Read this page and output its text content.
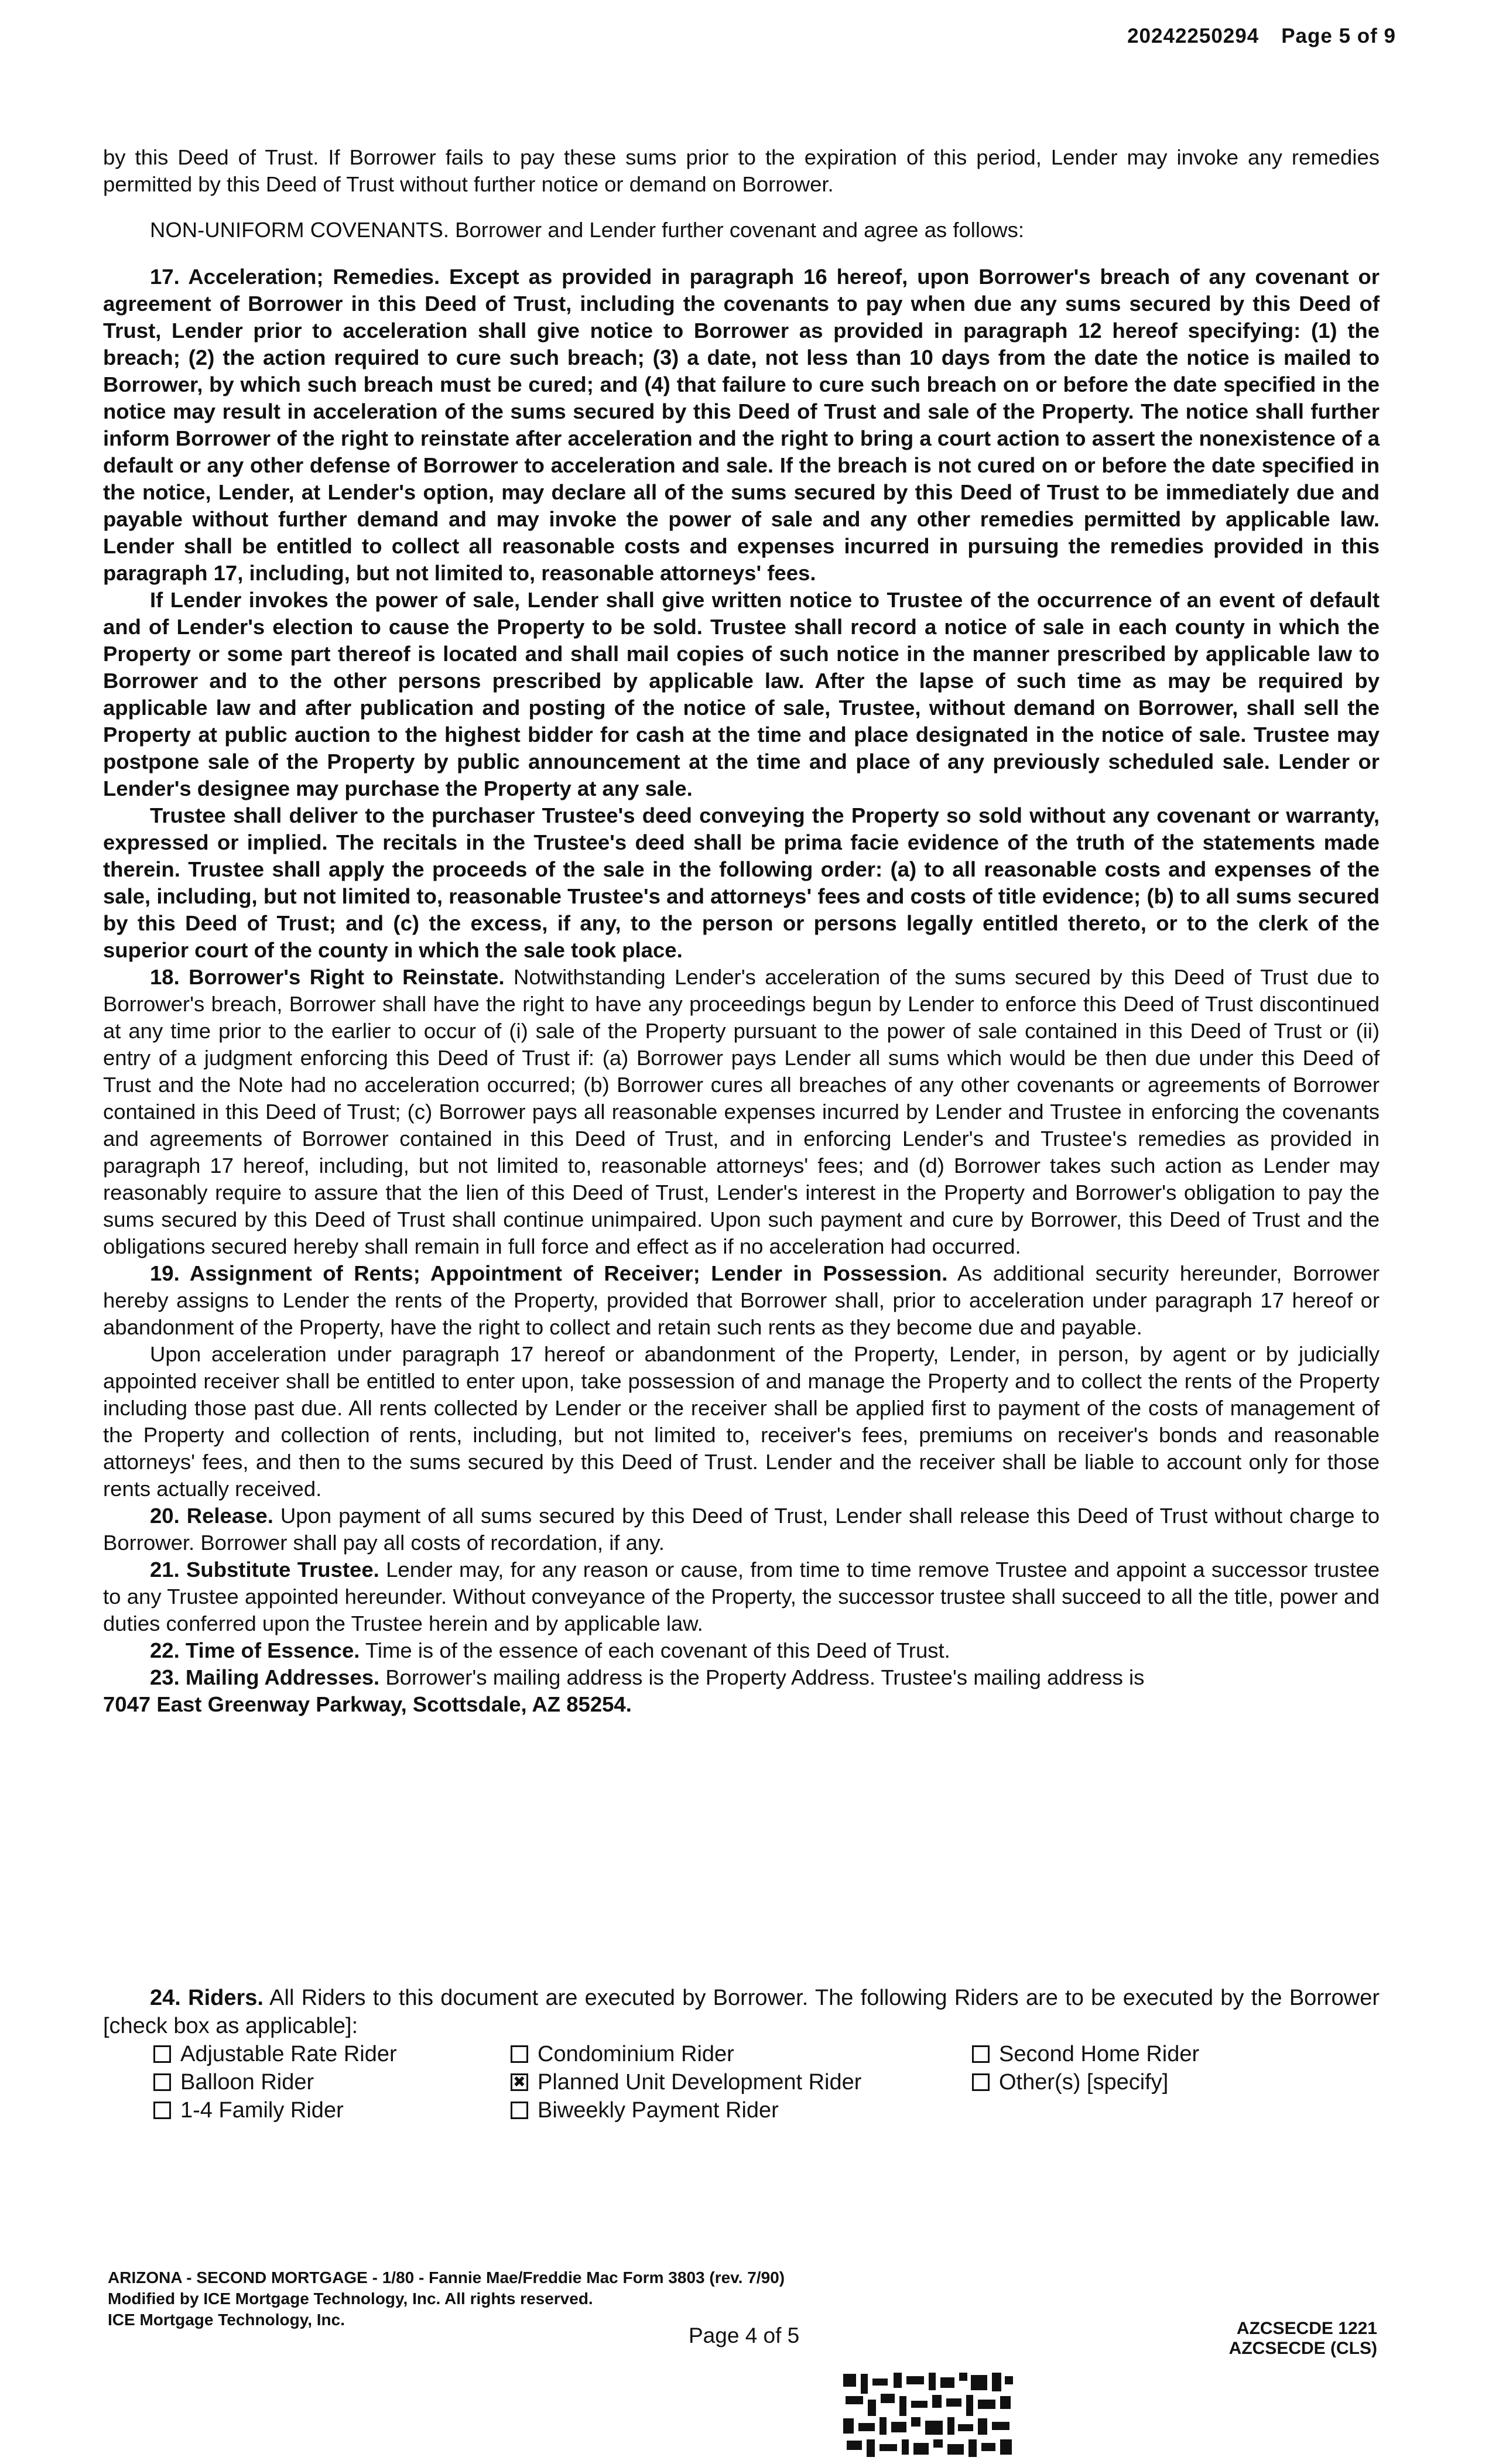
20242250294 Page 5 of 9

by this Deed of Trust. If Borrower fails to pay these sums prior to the expiration of this period, Lender may invoke any remedies permitted by this Deed of Trust without further notice or demand on Borrower.

NON-UNIFORM COVENANTS. Borrower and Lender further covenant and agree as follows:

17. Acceleration; Remedies. Except as provided in paragraph 16 hereof, upon Borrower's breach of any covenant or agreement of Borrower in this Deed of Trust, including the covenants to pay when due any sums secured by this Deed of Trust, Lender prior to acceleration shall give notice to Borrower as provided in paragraph 12 hereof specifying: (1) the breach; (2) the action required to cure such breach; (3) a date, not less than 10 days from the date the notice is mailed to Borrower, by which such breach must be cured; and (4) that failure to cure such breach on or before the date specified in the notice may result in acceleration of the sums secured by this Deed of Trust and sale of the Property. The notice shall further inform Borrower of the right to reinstate after acceleration and the right to bring a court action to assert the nonexistence of a default or any other defense of Borrower to acceleration and sale. If the breach is not cured on or before the date specified in the notice, Lender, at Lender's option, may declare all of the sums secured by this Deed of Trust to be immediately due and payable without further demand and may invoke the power of sale and any other remedies permitted by applicable law. Lender shall be entitled to collect all reasonable costs and expenses incurred in pursuing the remedies provided in this paragraph 17, including, but not limited to, reasonable attorneys' fees.

If Lender invokes the power of sale, Lender shall give written notice to Trustee of the occurrence of an event of default and of Lender's election to cause the Property to be sold. Trustee shall record a notice of sale in each county in which the Property or some part thereof is located and shall mail copies of such notice in the manner prescribed by applicable law to Borrower and to the other persons prescribed by applicable law. After the lapse of such time as may be required by applicable law and after publication and posting of the notice of sale, Trustee, without demand on Borrower, shall sell the Property at public auction to the highest bidder for cash at the time and place designated in the notice of sale. Trustee may postpone sale of the Property by public announcement at the time and place of any previously scheduled sale. Lender or Lender's designee may purchase the Property at any sale.

Trustee shall deliver to the purchaser Trustee's deed conveying the Property so sold without any covenant or warranty, expressed or implied. The recitals in the Trustee's deed shall be prima facie evidence of the truth of the statements made therein. Trustee shall apply the proceeds of the sale in the following order: (a) to all reasonable costs and expenses of the sale, including, but not limited to, reasonable Trustee's and attorneys' fees and costs of title evidence; (b) to all sums secured by this Deed of Trust; and (c) the excess, if any, to the person or persons legally entitled thereto, or to the clerk of the superior court of the county in which the sale took place.

18. Borrower's Right to Reinstate. Notwithstanding Lender's acceleration of the sums secured by this Deed of Trust due to Borrower's breach, Borrower shall have the right to have any proceedings begun by Lender to enforce this Deed of Trust discontinued at any time prior to the earlier to occur of (i) sale of the Property pursuant to the power of sale contained in this Deed of Trust or (ii) entry of a judgment enforcing this Deed of Trust if: (a) Borrower pays Lender all sums which would be then due under this Deed of Trust and the Note had no acceleration occurred; (b) Borrower cures all breaches of any other covenants or agreements of Borrower contained in this Deed of Trust; (c) Borrower pays all reasonable expenses incurred by Lender and Trustee in enforcing the covenants and agreements of Borrower contained in this Deed of Trust, and in enforcing Lender's and Trustee's remedies as provided in paragraph 17 hereof, including, but not limited to, reasonable attorneys' fees; and (d) Borrower takes such action as Lender may reasonably require to assure that the lien of this Deed of Trust, Lender's interest in the Property and Borrower's obligation to pay the sums secured by this Deed of Trust shall continue unimpaired. Upon such payment and cure by Borrower, this Deed of Trust and the obligations secured hereby shall remain in full force and effect as if no acceleration had occurred.

19. Assignment of Rents; Appointment of Receiver; Lender in Possession. As additional security hereunder, Borrower hereby assigns to Lender the rents of the Property, provided that Borrower shall, prior to acceleration under paragraph 17 hereof or abandonment of the Property, have the right to collect and retain such rents as they become due and payable.

Upon acceleration under paragraph 17 hereof or abandonment of the Property, Lender, in person, by agent or by judicially appointed receiver shall be entitled to enter upon, take possession of and manage the Property and to collect the rents of the Property including those past due. All rents collected by Lender or the receiver shall be applied first to payment of the costs of management of the Property and collection of rents, including, but not limited to, receiver's fees, premiums on receiver's bonds and reasonable attorneys' fees, and then to the sums secured by this Deed of Trust. Lender and the receiver shall be liable to account only for those rents actually received.

20. Release. Upon payment of all sums secured by this Deed of Trust, Lender shall release this Deed of Trust without charge to Borrower. Borrower shall pay all costs of recordation, if any.

21. Substitute Trustee. Lender may, for any reason or cause, from time to time remove Trustee and appoint a successor trustee to any Trustee appointed hereunder. Without conveyance of the Property, the successor trustee shall succeed to all the title, power and duties conferred upon the Trustee herein and by applicable law.

22. Time of Essence. Time is of the essence of each covenant of this Deed of Trust.

23. Mailing Addresses. Borrower's mailing address is the Property Address. Trustee's mailing address is

7047 East Greenway Parkway, Scottsdale, AZ 85254.

24. Riders. All Riders to this document are executed by Borrower. The following Riders are to be executed by the Borrower [check box as applicable]:

Adjustable Rate Rider
Balloon Rider
1-4 Family Rider
Condominium Rider
✖
Planned Unit Development Rider
Biweekly Payment Rider
Second Home Rider
Other(s) [specify]
ARIZONA - SECOND MORTGAGE - 1/80 - Fannie Mae/Freddie Mac Form 3803 (rev. 7/90)
Modified by ICE Mortgage Technology, Inc. All rights reserved.
ICE Mortgage Technology, Inc.
Page 4 of 5	AZCSECDE 1221
AZCSECDE (CLS)
